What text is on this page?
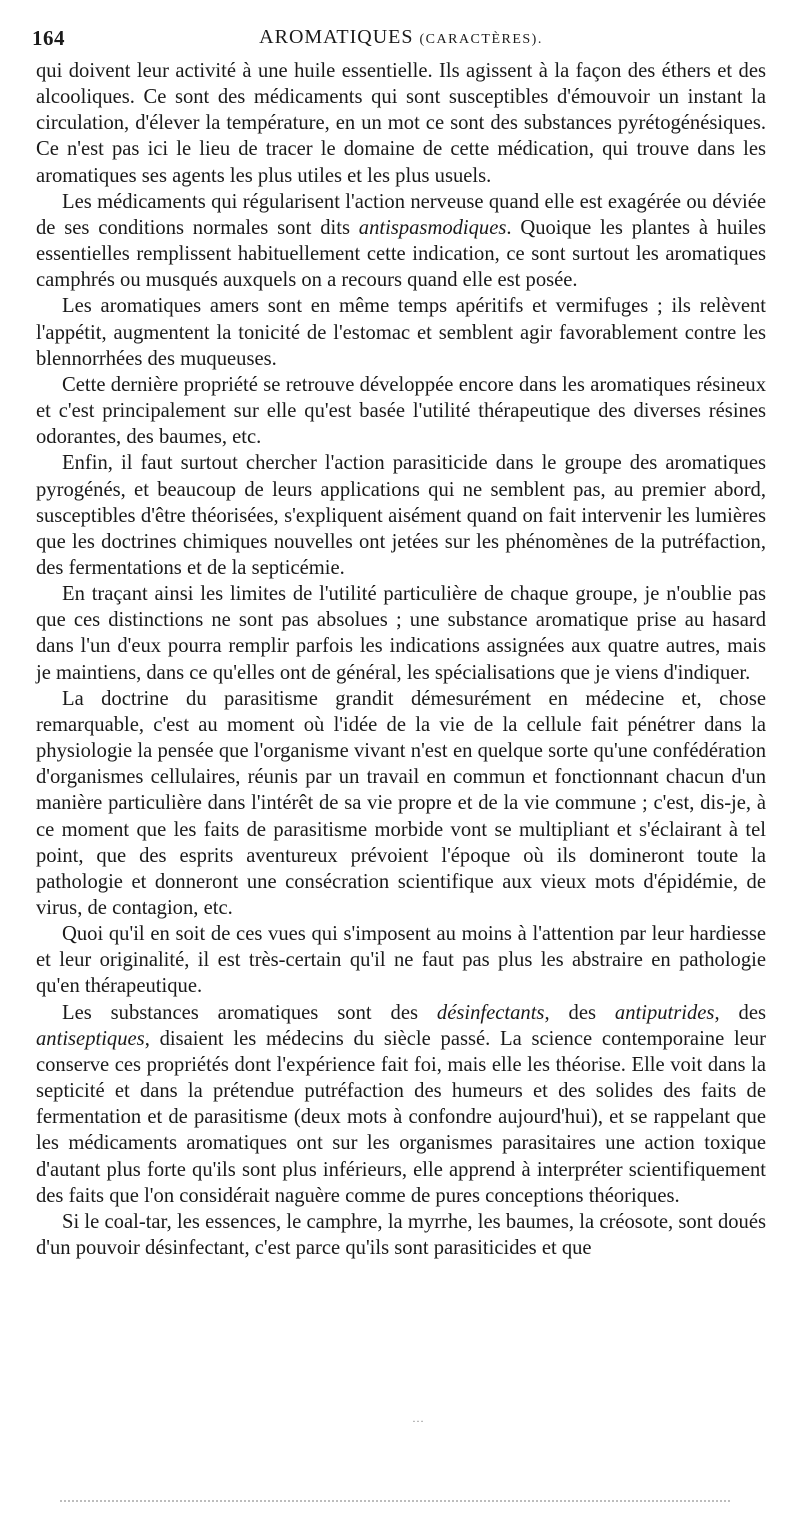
164	AROMATIQUES (CARACTÈRES).

qui doivent leur activité à une huile essentielle. Ils agissent à la façon des éthers et des alcooliques. Ce sont des médicaments qui sont susceptibles d'émouvoir un instant la circulation, d'élever la température, en un mot ce sont des substances pyrétogénésiques. Ce n'est pas ici le lieu de tracer le domaine de cette médication, qui trouve dans les aromatiques ses agents les plus utiles et les plus usuels.

Les médicaments qui régularisent l'action nerveuse quand elle est exagérée ou déviée de ses conditions normales sont dits antispasmodiques. Quoique les plantes à huiles essentielles remplissent habituellement cette indication, ce sont surtout les aromatiques camphrés ou musqués auxquels on a recours quand elle est posée.

Les aromatiques amers sont en même temps apéritifs et vermifuges ; ils relèvent l'appétit, augmentent la tonicité de l'estomac et semblent agir favorablement contre les blennorrhées des muqueuses.

Cette dernière propriété se retrouve développée encore dans les aromatiques résineux et c'est principalement sur elle qu'est basée l'utilité thérapeutique des diverses résines odorantes, des baumes, etc.

Enfin, il faut surtout chercher l'action parasiticide dans le groupe des aromatiques pyrogénés, et beaucoup de leurs applications qui ne semblent pas, au premier abord, susceptibles d'être théorisées, s'expliquent aisément quand on fait intervenir les lumières que les doctrines chimiques nouvelles ont jetées sur les phénomènes de la putréfaction, des fermentations et de la septicémie.

En traçant ainsi les limites de l'utilité particulière de chaque groupe, je n'oublie pas que ces distinctions ne sont pas absolues ; une substance aromatique prise au hasard dans l'un d'eux pourra remplir parfois les indications assignées aux quatre autres, mais je maintiens, dans ce qu'elles ont de général, les spécialisations que je viens d'indiquer.

La doctrine du parasitisme grandit démesurément en médecine et, chose remarquable, c'est au moment où l'idée de la vie de la cellule fait pénétrer dans la physiologie la pensée que l'organisme vivant n'est en quelque sorte qu'une confédération d'organismes cellulaires, réunis par un travail en commun et fonctionnant chacun d'un manière particulière dans l'intérêt de sa vie propre et de la vie commune ; c'est, dis-je, à ce moment que les faits de parasitisme morbide vont se multipliant et s'éclairant à tel point, que des esprits aventureux prévoient l'époque où ils domineront toute la pathologie et donneront une consécration scientifique aux vieux mots d'épidémie, de virus, de contagion, etc.

Quoi qu'il en soit de ces vues qui s'imposent au moins à l'attention par leur hardiesse et leur originalité, il est très-certain qu'il ne faut pas plus les abstraire en pathologie qu'en thérapeutique.

Les substances aromatiques sont des désinfectants, des antiputrides, des antiseptiques, disaient les médecins du siècle passé. La science contemporaine leur conserve ces propriétés dont l'expérience fait foi, mais elle les théorise. Elle voit dans la septicité et dans la prétendue putréfaction des humeurs et des solides des faits de fermentation et de parasitisme (deux mots à confondre aujourd'hui), et se rappelant que les médicaments aromatiques ont sur les organismes parasitaires une action toxique d'autant plus forte qu'ils sont plus inférieurs, elle apprend à interpréter scientifiquement des faits que l'on considérait naguère comme de pures conceptions théoriques.

Si le coal-tar, les essences, le camphre, la myrrhe, les baumes, la créosote, sont doués d'un pouvoir désinfectant, c'est parce qu'ils sont parasiticides et que

…
